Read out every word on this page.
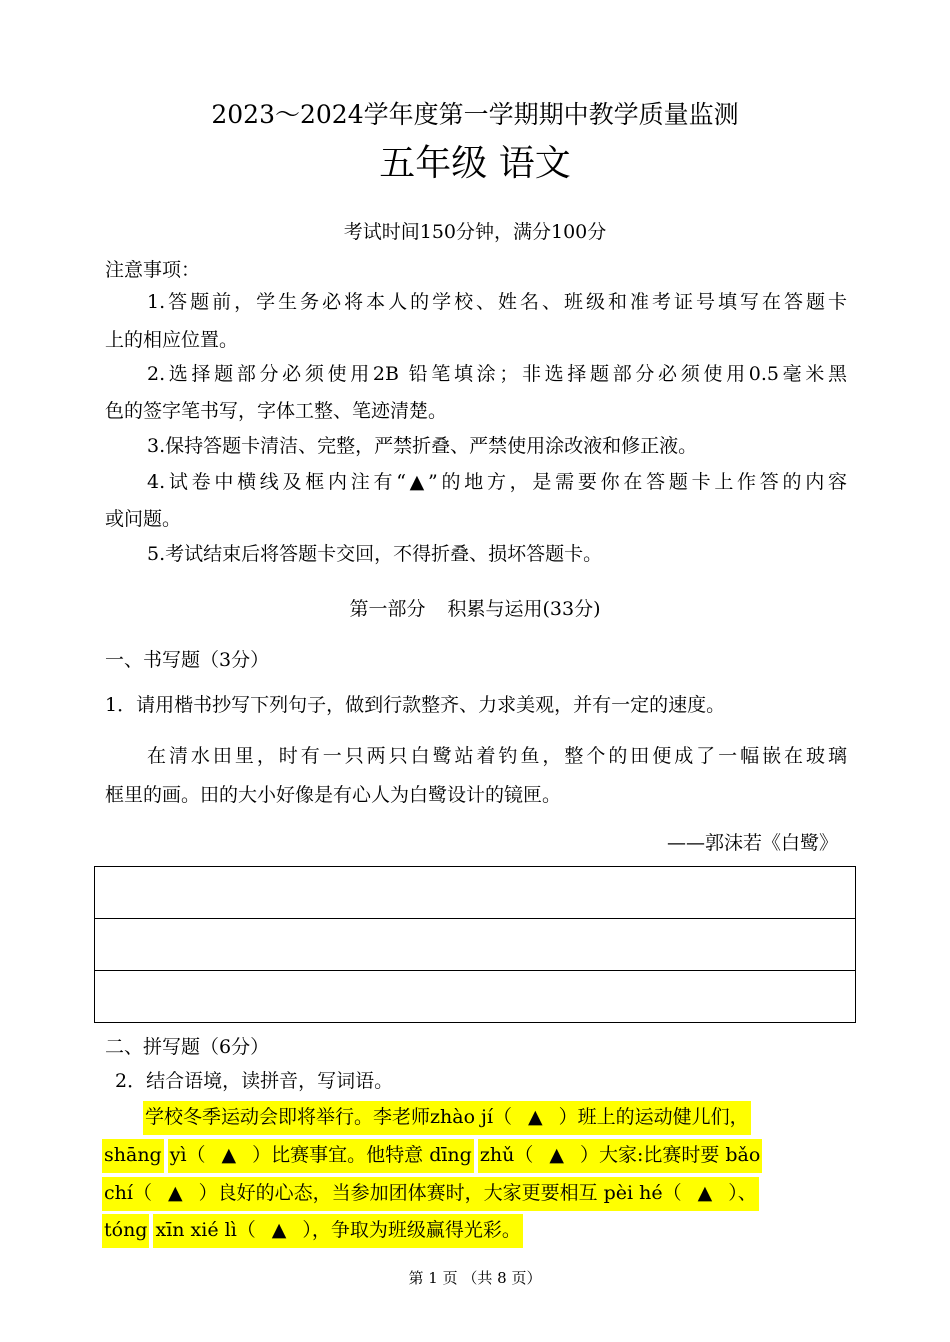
2023～2024学年度第一学期期中教学质量监测
五年级 语文
考试时间150分钟，满分100分
注意事项：
1.答题前，学生务必将本人的学校、姓名、班级和准考证号填写在答题卡
上的相应位置。
2.选择题部分必须使用2B 铅笔填涂；非选择题部分必须使用0.5毫米黑
色的签字笔书写，字体工整、笔迹清楚。
3.保持答题卡清洁、完整，严禁折叠、严禁使用涂改液和修正液。
4.试卷中横线及框内注有“▲”的地方，是需要你在答题卡上作答的内容
或问题。
5.考试结束后将答题卡交回，不得折叠、损坏答题卡。
第一部分 积累与运用(33分)
一、书写题（3分）
1．请用楷书抄写下列句子，做到行款整齐、力求美观，并有一定的速度。
在清水田里，时有一只两只白鹭站着钓鱼，整个的田便成了一幅嵌在玻璃
框里的画。田的大小好像是有心人为白鹭设计的镜匣。
——郭沫若《白鹭》
二、拼写题（6分）
2．结合语境，读拼音，写词语。
学校冬季运动会即将举行。李老师zhào jí（ ▲ ）班上的运动健儿们，
shāng yì（ ▲ ）比赛事宜。他特意 dīng zhǔ（ ▲ ）大家:比赛时要 bǎo
chí（ ▲ ）良好的心态，当参加团体赛时，大家更要相互 pèi hé（ ▲ ）、
tóng xīn xié lì（ ▲ ），争取为班级赢得光彩。
第 1 页 （共 8 页）
